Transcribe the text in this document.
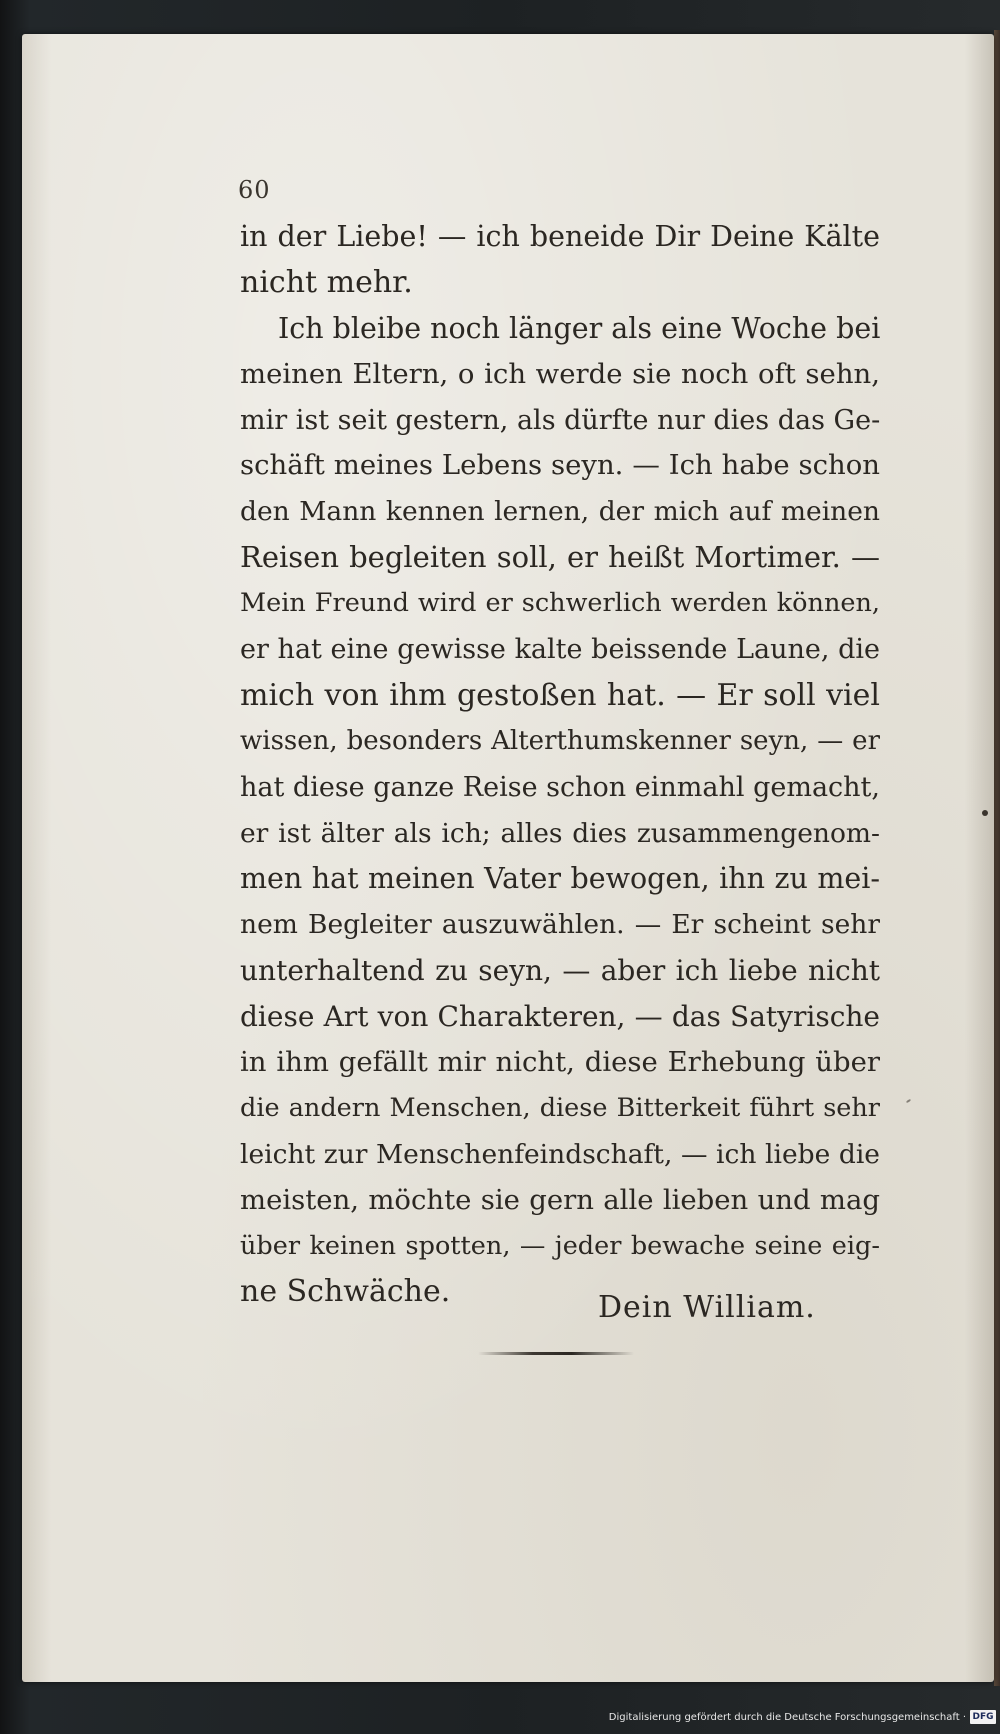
60
in der Liebe! — ich beneide Dir Deine Kälte
nicht mehr.
Ich bleibe noch länger als eine Woche bei
meinen Eltern, o ich werde sie noch oft sehn,
mir ist seit gestern, als dürfte nur dies das Ge-
schäft meines Lebens seyn. — Ich habe schon
den Mann kennen lernen, der mich auf meinen
Reisen begleiten soll, er heißt Mortimer. —
Mein Freund wird er schwerlich werden können,
er hat eine gewisse kalte beissende Laune, die
mich von ihm gestoßen hat. — Er soll viel
wissen, besonders Alterthumskenner seyn, — er
hat diese ganze Reise schon einmahl gemacht,
er ist älter als ich; alles dies zusammengenom-
men hat meinen Vater bewogen, ihn zu mei-
nem Begleiter auszuwählen. — Er scheint sehr
unterhaltend zu seyn, — aber ich liebe nicht
diese Art von Charakteren, — das Satyrische
in ihm gefällt mir nicht, diese Erhebung über
die andern Menschen, diese Bitterkeit führt sehr
leicht zur Menschenfeindschaft, — ich liebe die
meisten, möchte sie gern alle lieben und mag
über keinen spotten, — jeder bewache seine eig-
ne Schwäche.	Dein William.
Digitalisierung gefördert durch die Deutsche Forschungsgemeinschaft · DFG
